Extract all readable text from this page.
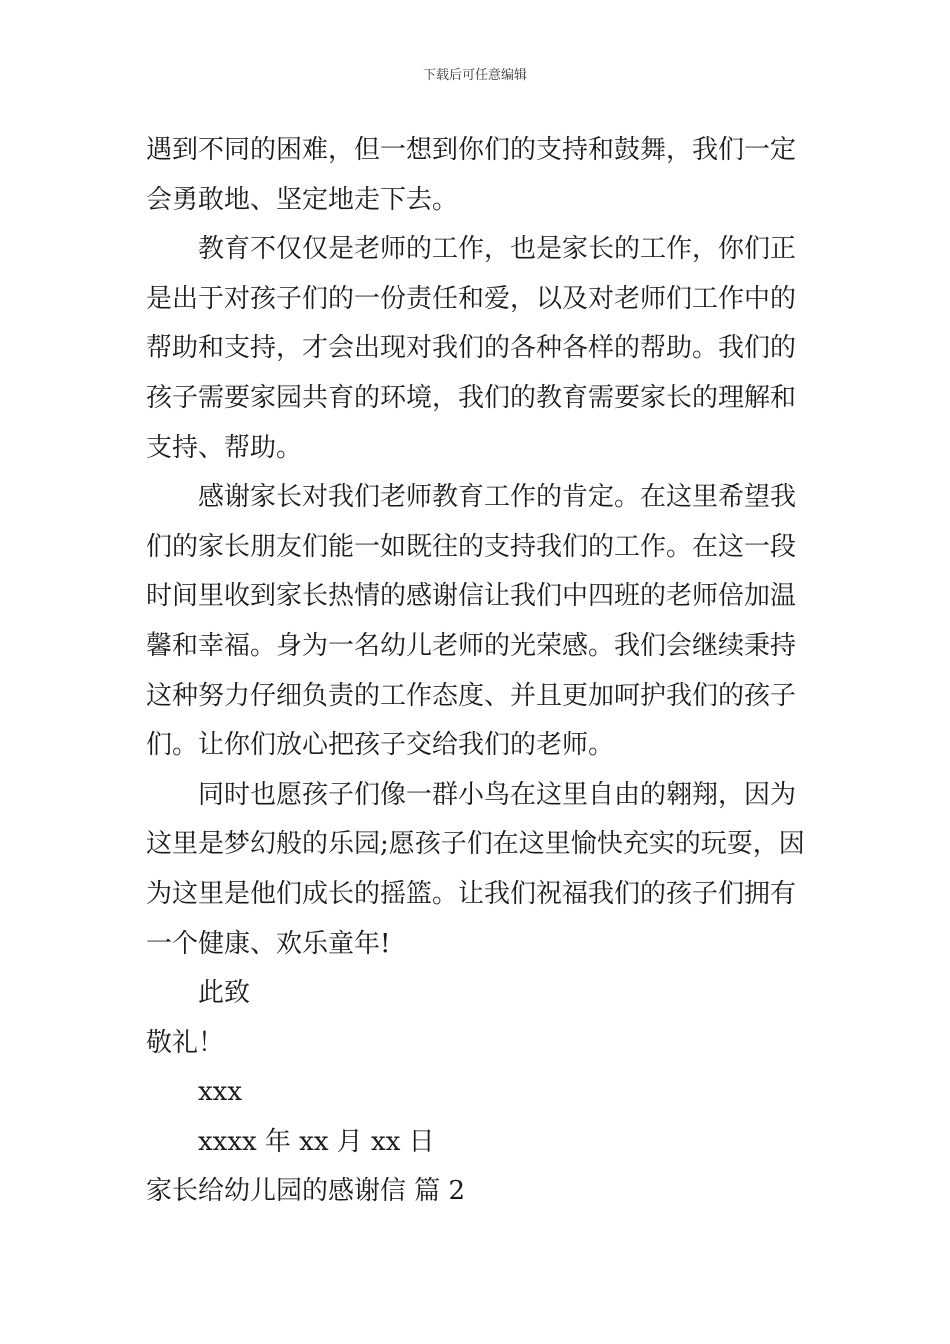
下载后可任意编辑
遇到不同的困难，但一想到你们的支持和鼓舞，我们一定
会勇敢地、坚定地走下去。
教育不仅仅是老师的工作，也是家长的工作，你们正
是出于对孩子们的一份责任和爱，以及对老师们工作中的
帮助和支持，才会出现对我们的各种各样的帮助。我们的
孩子需要家园共育的环境，我们的教育需要家长的理解和
支持、帮助。
感谢家长对我们老师教育工作的肯定。在这里希望我
们的家长朋友们能一如既往的支持我们的工作。在这一段
时间里收到家长热情的感谢信让我们中四班的老师倍加温
馨和幸福。身为一名幼儿老师的光荣感。我们会继续秉持
这种努力仔细负责的工作态度、并且更加呵护我们的孩子
们。让你们放心把孩子交给我们的老师。
同时也愿孩子们像一群小鸟在这里自由的翱翔，因为
这里是梦幻般的乐园;愿孩子们在这里愉快充实的玩耍，因
为这里是他们成长的摇篮。让我们祝福我们的孩子们拥有
一个健康、欢乐童年!
此致
敬礼！
xxx
xxxx 年 xx 月 xx 日
家长给幼儿园的感谢信 篇 2
